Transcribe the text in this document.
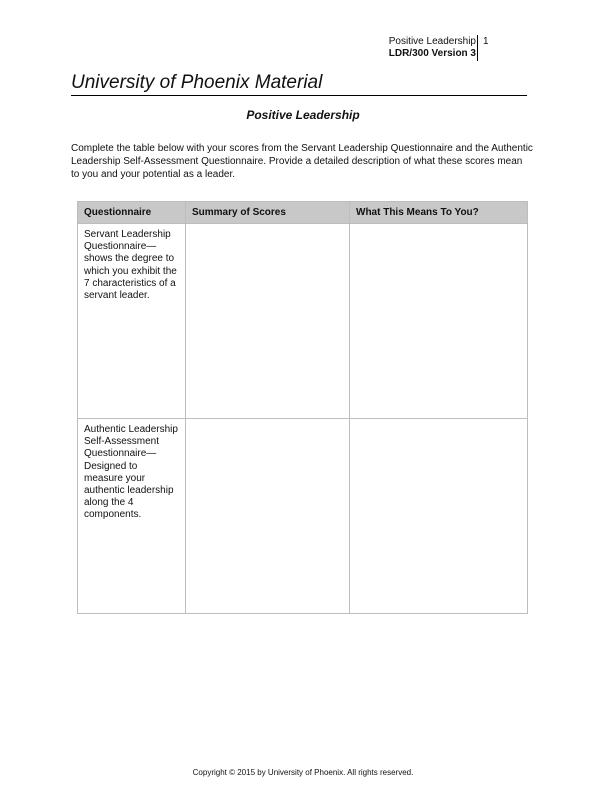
Positive Leadership
LDR/300 Version 3
1
University of Phoenix Material
Positive Leadership
Complete the table below with your scores from the Servant Leadership Questionnaire and the Authentic Leadership Self-Assessment Questionnaire. Provide a detailed description of what these scores mean to you and your potential as a leader.
Questionnaire	Summary of Scores	What This Means To You?
Servant Leadership Questionnaire—shows the degree to which you exhibit the 7 characteristics of a servant leader.		
Authentic Leadership Self-Assessment Questionnaire—Designed to measure your authentic leadership along the 4 components.		
Copyright © 2015 by University of Phoenix. All rights reserved.
